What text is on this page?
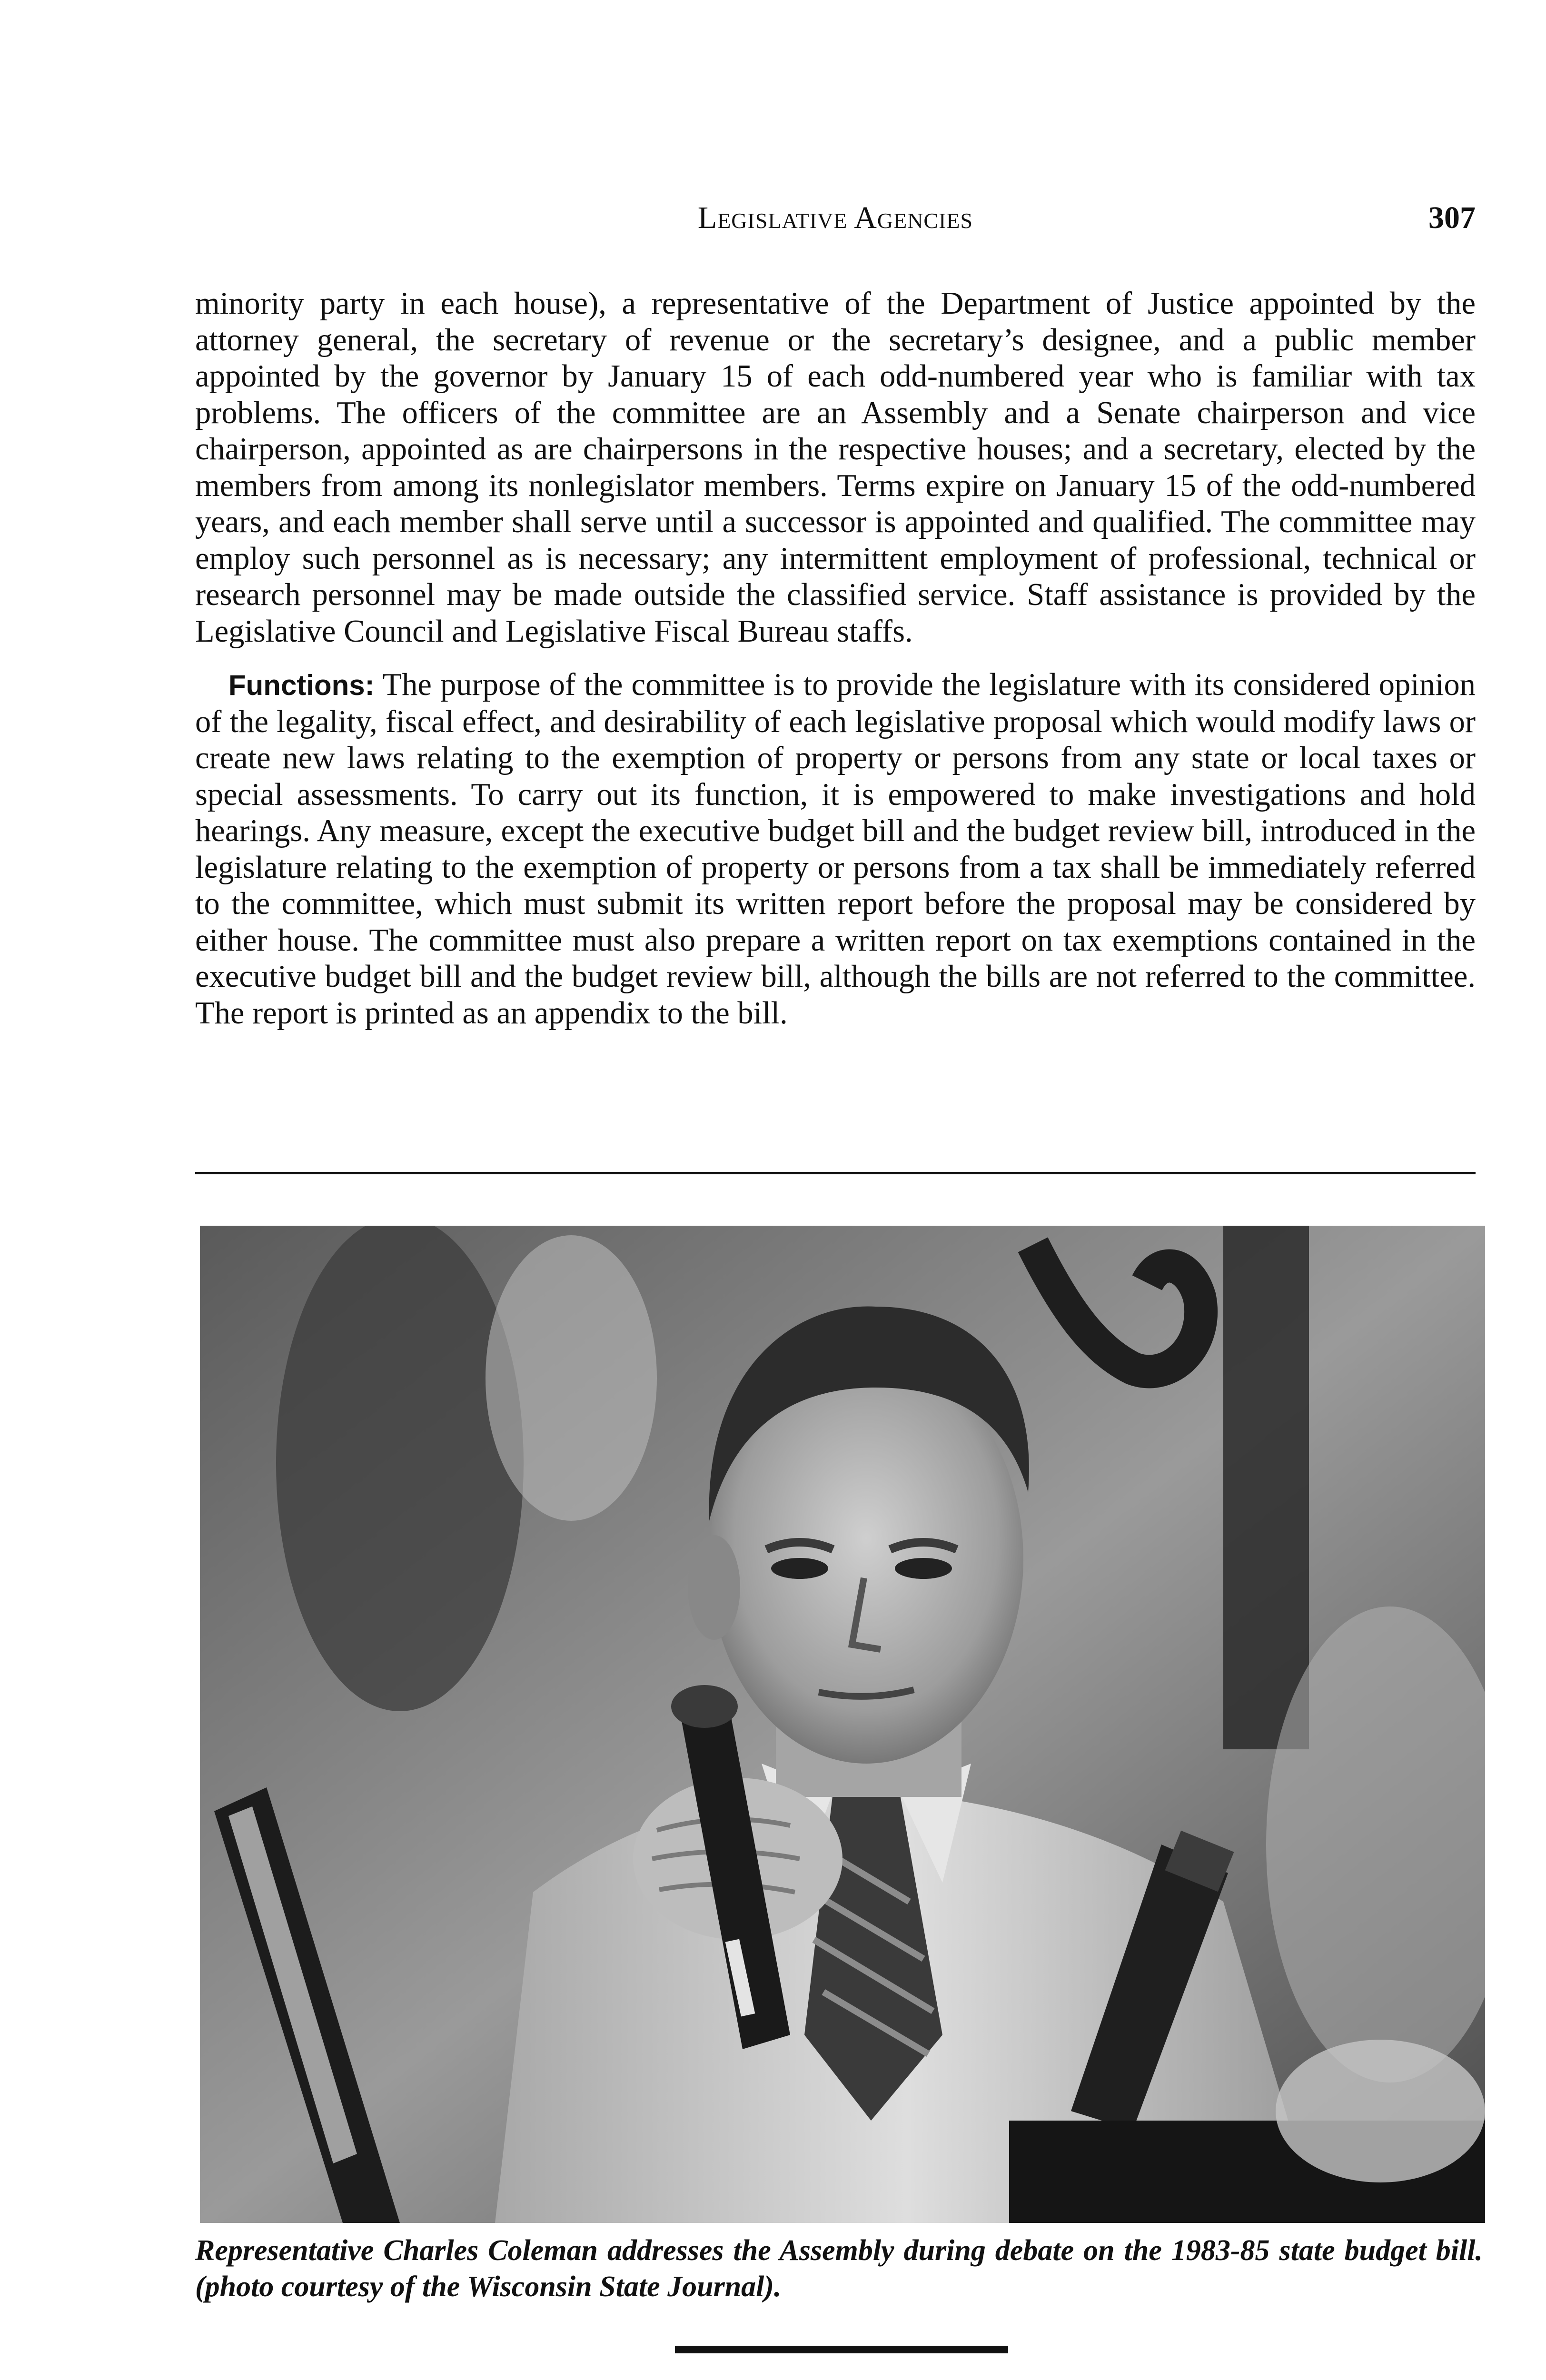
Legislative Agencies	307

minority party in each house), a representative of the Department of Justice appointed by the attorney general, the secretary of revenue or the secretary’s designee, and a public member appointed by the governor by January 15 of each odd-numbered year who is familiar with tax problems. The officers of the committee are an Assembly and a Senate chairperson and vice chairperson, appointed as are chairpersons in the respective houses; and a secretary, elected by the members from among its nonlegislator members. Terms expire on January 15 of the odd-numbered years, and each member shall serve until a successor is appointed and qualified. The committee may employ such personnel as is necessary; any intermittent employment of professional, technical or research personnel may be made outside the classified service. Staff assistance is provided by the Legislative Council and Legislative Fiscal Bureau staffs.

Functions: The purpose of the committee is to provide the legislature with its considered opinion of the legality, fiscal effect, and desirability of each legislative proposal which would modify laws or create new laws relating to the exemption of property or persons from any state or local taxes or special assessments. To carry out its function, it is empowered to make investigations and hold hearings. Any measure, except the executive budget bill and the budget review bill, introduced in the legislature relating to the exemption of property or persons from a tax shall be immediately referred to the committee, which must submit its written report before the proposal may be considered by either house. The committee must also prepare a written report on tax exemptions contained in the executive budget bill and the budget review bill, although the bills are not referred to the committee. The report is printed as an appendix to the bill.

Representative Charles Coleman addresses the Assembly during debate on the 1983-85 state budget bill. (photo courtesy of the Wisconsin State Journal).
